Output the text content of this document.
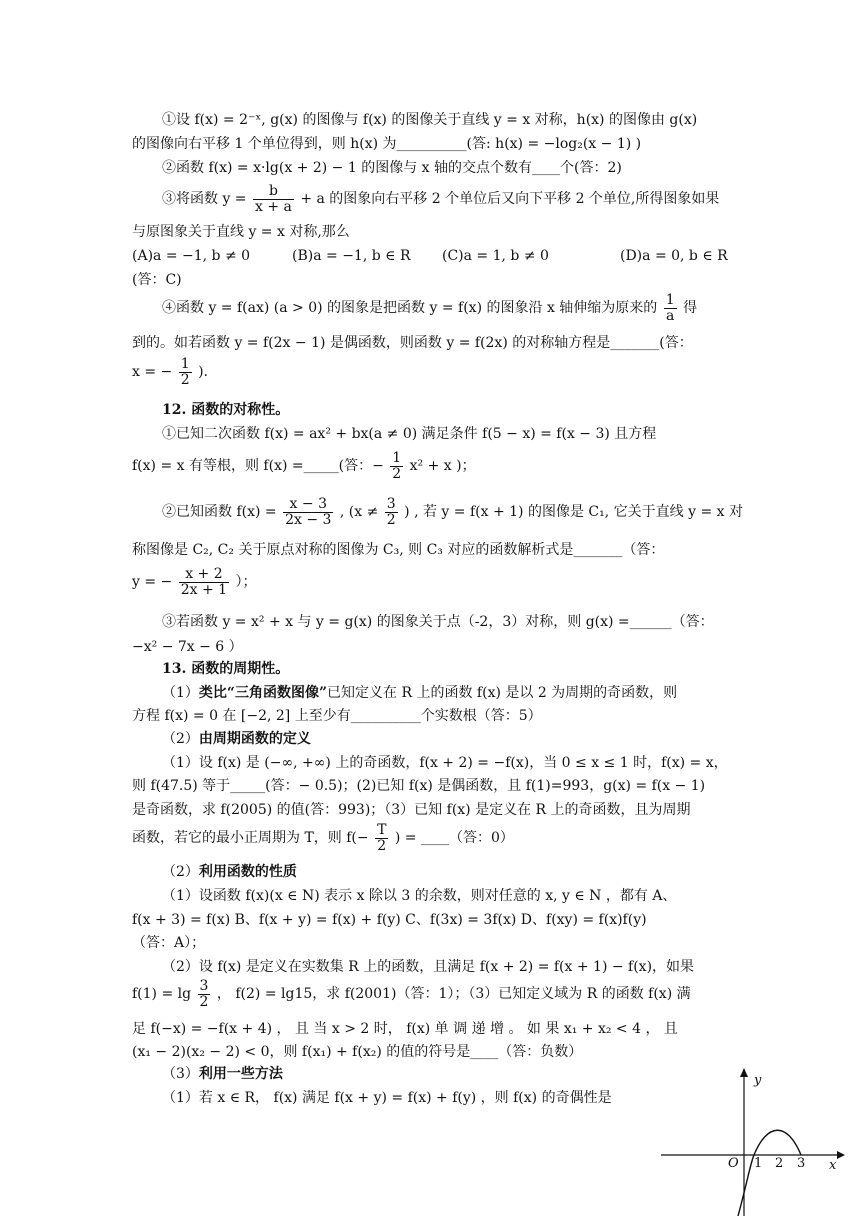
①设 f(x) = 2⁻ˣ, g(x) 的图像与 f(x) 的图像关于直线 y = x 对称，h(x) 的图像由 g(x)
的图像向右平移 1 个单位得到，则 h(x) 为__________(答: h(x) = −log₂(x − 1) )
②函数 f(x) = x·lg(x + 2) − 1 的图像与 x 轴的交点个数有____个(答：2)
③将函数 $y = \frac{b}{x + a} + a$ 的图象向右平移 2 个单位后又向下平移 2 个单位,所得图象如果
与原图象关于直线 y = x 对称,那么
(A)a = −1, b ≠ 0	(B)a = −1, b ∈ R (C)a = 1, b ≠ 0	(D)a = 0, b ∈ R
(答：C)
④函数 y = f(ax) (a > 0) 的图象是把函数 y = f(x) 的图象沿 x 轴伸缩为原来的 $\frac{1}{a}$ 得
到的。如若函数 y = f(2x − 1) 是偶函数，则函数 y = f(2x) 的对称轴方程是_______(答：
x = − $\frac{1}{2}$ ).
12. 函数的对称性。
①已知二次函数 f(x) = ax² + bx(a ≠ 0) 满足条件 f(5 − x) = f(x − 3) 且方程
f(x) = x 有等根，则 f(x) =_____(答：− $\frac{1}{2} x^2 + x$ )；
②已知函数 $f(x) = \frac{x - 3}{2x - 3}$ , ($x \ne \frac{3}{2}$ ) , 若 y = f(x + 1) 的图像是 C₁, 它关于直线 y = x 对
称图像是 C₂, C₂ 关于原点对称的图像为 C₃, 则 C₃ 对应的函数解析式是_______（答：
y = − $\frac{x + 2}{2x + 1}$ ）；
③若函数 y = x² + x 与 y = g(x) 的图象关于点（-2，3）对称，则 g(x) =______（答：
−x² − 7x − 6 ）
13. 函数的周期性。
（1）类比“三角函数图像”已知定义在 R 上的函数 f(x) 是以 2 为周期的奇函数，则
方程 f(x) = 0 在 [−2, 2] 上至少有__________个实数根（答：5）
（2）由周期函数的定义
（1）设 f(x) 是 (−∞, +∞) 上的奇函数，f(x + 2) = −f(x)，当 0 ≤ x ≤ 1 时，f(x) = x，
则 f(47.5) 等于_____(答：− 0.5)；(2)已知 f(x) 是偶函数，且 f(1)=993，g(x) = f(x − 1)
是奇函数，求 f(2005) 的值(答：993)；（3）已知 f(x) 是定义在 R 上的奇函数，且为周期
函数，若它的最小正周期为 T，则 $f(- \frac{T}{2}$ ) = ____（答：0）
（2）利用函数的性质
（1）设函数 f(x)(x ∈ N) 表示 x 除以 3 的余数，则对任意的 x, y ∈ N ，都有 A、
f(x + 3) = f(x) B、f(x + y) = f(x) + f(y) C、f(3x) = 3f(x) D、f(xy) = f(x)f(y)
（答：A）；
（2）设 f(x) 是定义在实数集 R 上的函数，且满足 f(x + 2) = f(x + 1) − f(x)，如果
$f(1) = \lg \frac{3}{2}$ ， f(2) = lg15，求 f(2001)（答：1）；（3）已知定义域为 R 的函数 f(x) 满
足 f(−x) = −f(x + 4) ， 且 当 x > 2 时， f(x) 单 调 递 增 。 如 果 x₁ + x₂ < 4 ， 且
(x₁ − 2)(x₂ − 2) < 0，则 f(x₁) + f(x₂) 的值的符号是____（答：负数）
（3）利用一些方法
（1）若 x ∈ R， f(x) 满足 f(x + y) = f(x) + f(y) ，则 f(x) 的奇偶性是
y
x
O 1 2 3
